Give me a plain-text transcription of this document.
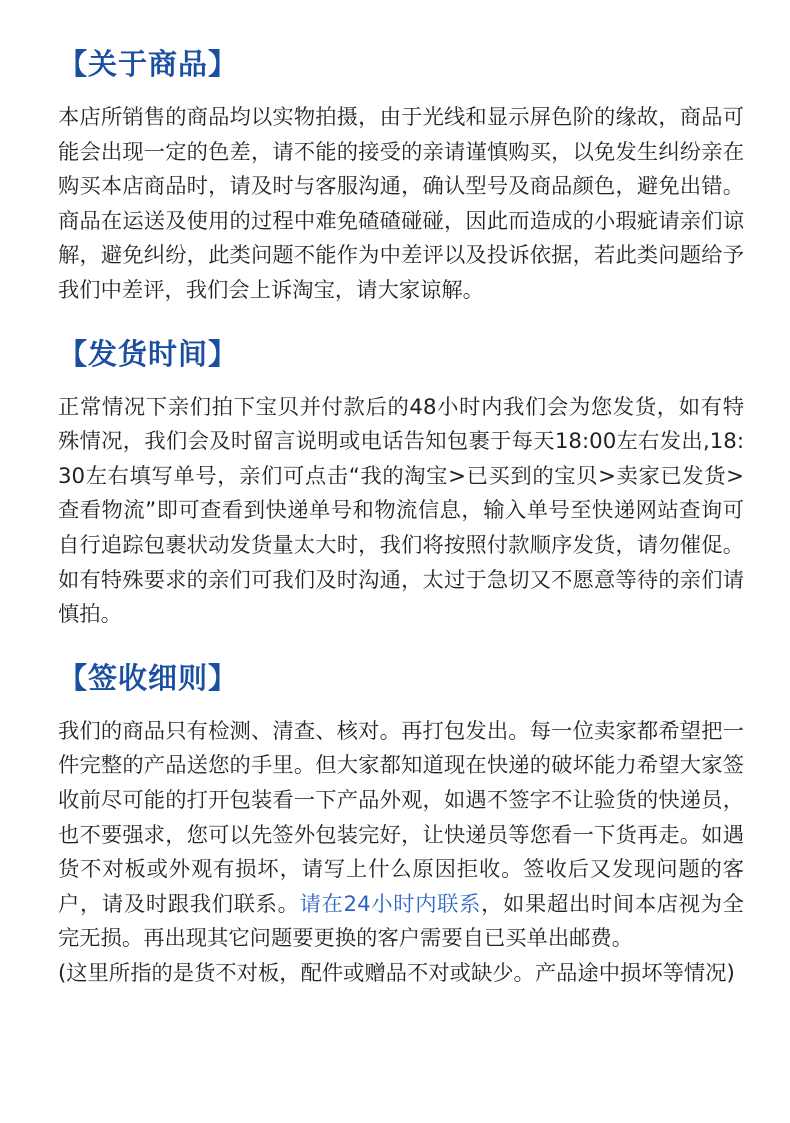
【关于商品】

本店所销售的商品均以实物拍摄，由于光线和显示屏色阶的缘故，商品可能会出现一定的色差，请不能的接受的亲请谨慎购买，以免发生纠纷亲在购买本店商品时，请及时与客服沟通，确认型号及商品颜色，避免出错。商品在运送及使用的过程中难免碴碴碰碰，因此而造成的小瑕疵请亲们谅解，避免纠纷，此类问题不能作为中差评以及投诉依据，若此类问题给予我们中差评，我们会上诉淘宝，请大家谅解。

【发货时间】

正常情况下亲们拍下宝贝并付款后的48小时内我们会为您发货，如有特殊情况，我们会及时留言说明或电话告知包裹于每天18:00左右发出,18:30左右填写单号，亲们可点击“我的淘宝>已买到的宝贝>卖家已发货>查看物流”即可查看到快递单号和物流信息，输入单号至快递网站查询可自行追踪包裹状动发货量太大时，我们将按照付款顺序发货，请勿催促。如有特殊要求的亲们可我们及时沟通，太过于急切又不愿意等待的亲们请慎拍。

【签收细则】

我们的商品只有检测、清查、核对。再打包发出。每一位卖家都希望把一件完整的产品送您的手里。但大家都知道现在快递的破坏能力希望大家签收前尽可能的打开包装看一下产品外观，如遇不签字不让验货的快递员，也不要强求，您可以先签外包装完好，让快递员等您看一下货再走。如遇货不对板或外观有损坏，请写上什么原因拒收。签收后又发现问题的客户，请及时跟我们联系。请在24小时内联系，如果超出时间本店视为全完无损。再出现其它问题要更换的客户需要自已买单出邮费。

(这里所指的是货不对板，配件或赠品不对或缺少。产品途中损坏等情况)
